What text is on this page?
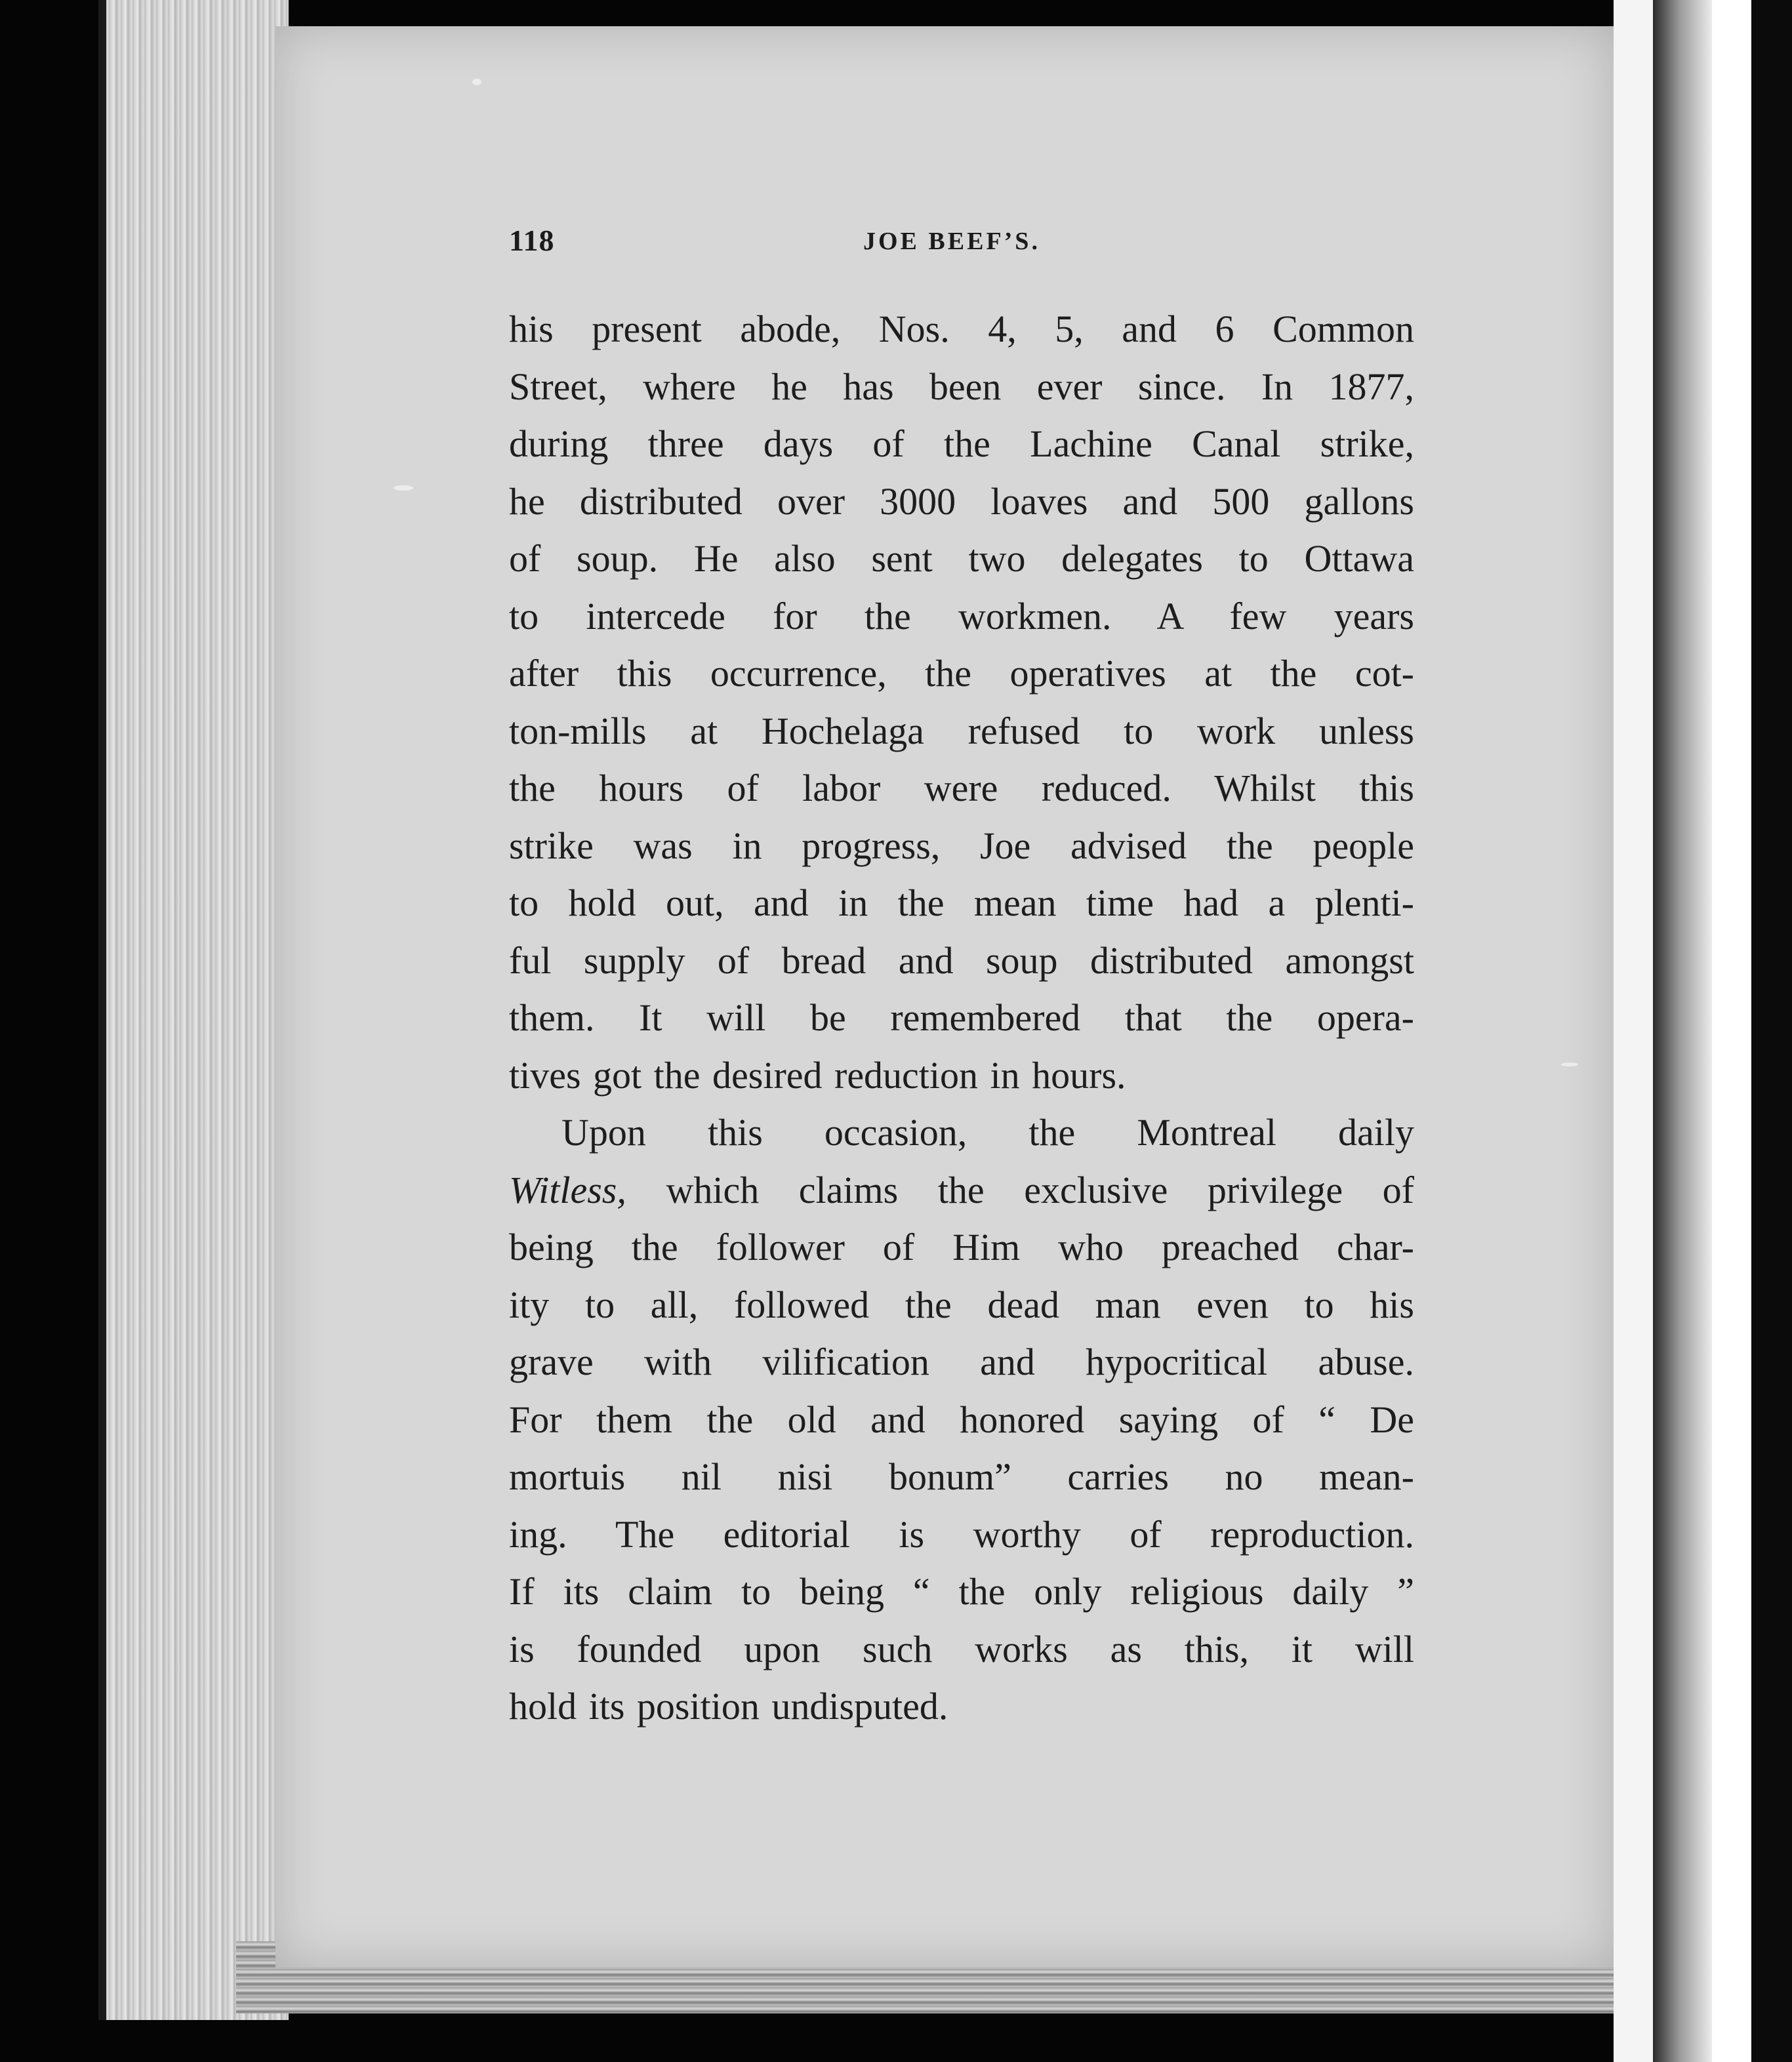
118	JOE BEEF’S.
his present abode, Nos. 4, 5, and 6 Common
Street, where he has been ever since. In 1877,
during three days of the Lachine Canal strike,
he distributed over 3000 loaves and 500 gallons
of soup. He also sent two delegates to Ottawa
to intercede for the workmen. A few years
after this occurrence, the operatives at the cot-
ton-mills at Hochelaga refused to work unless
the hours of labor were reduced. Whilst this
strike was in progress, Joe advised the people
to hold out, and in the mean time had a plenti-
ful supply of bread and soup distributed amongst
them. It will be remembered that the opera-
tives got the desired reduction in hours.
Upon this occasion, the Montreal daily
Witless, which claims the exclusive privilege of
being the follower of Him who preached char-
ity to all, followed the dead man even to his
grave with vilification and hypocritical abuse.
For them the old and honored saying of “ De
mortuis nil nisi bonum” carries no mean-
ing. The editorial is worthy of reproduction.
If its claim to being “ the only religious daily ”
is founded upon such works as this, it will
hold its position undisputed.
